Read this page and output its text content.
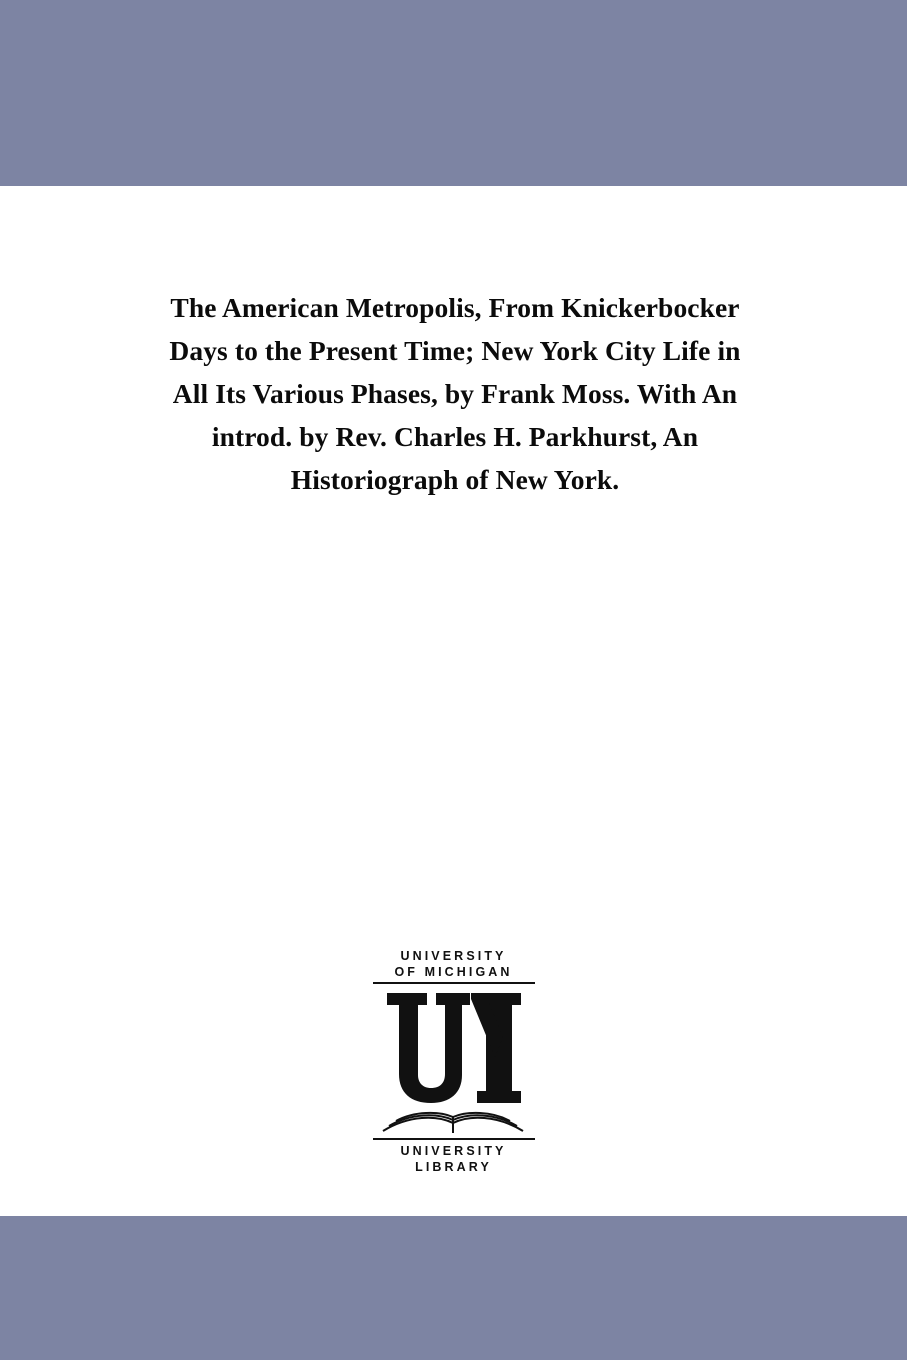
The American Metropolis, From Knickerbocker Days to the Present Time; New York City Life in All Its Various Phases, by Frank Moss. With An introd. by Rev. Charles H. Parkhurst, An Historiograph of New York.
UNIVERSITY
OF MICHIGAN
UNIVERSITY
LIBRARY
